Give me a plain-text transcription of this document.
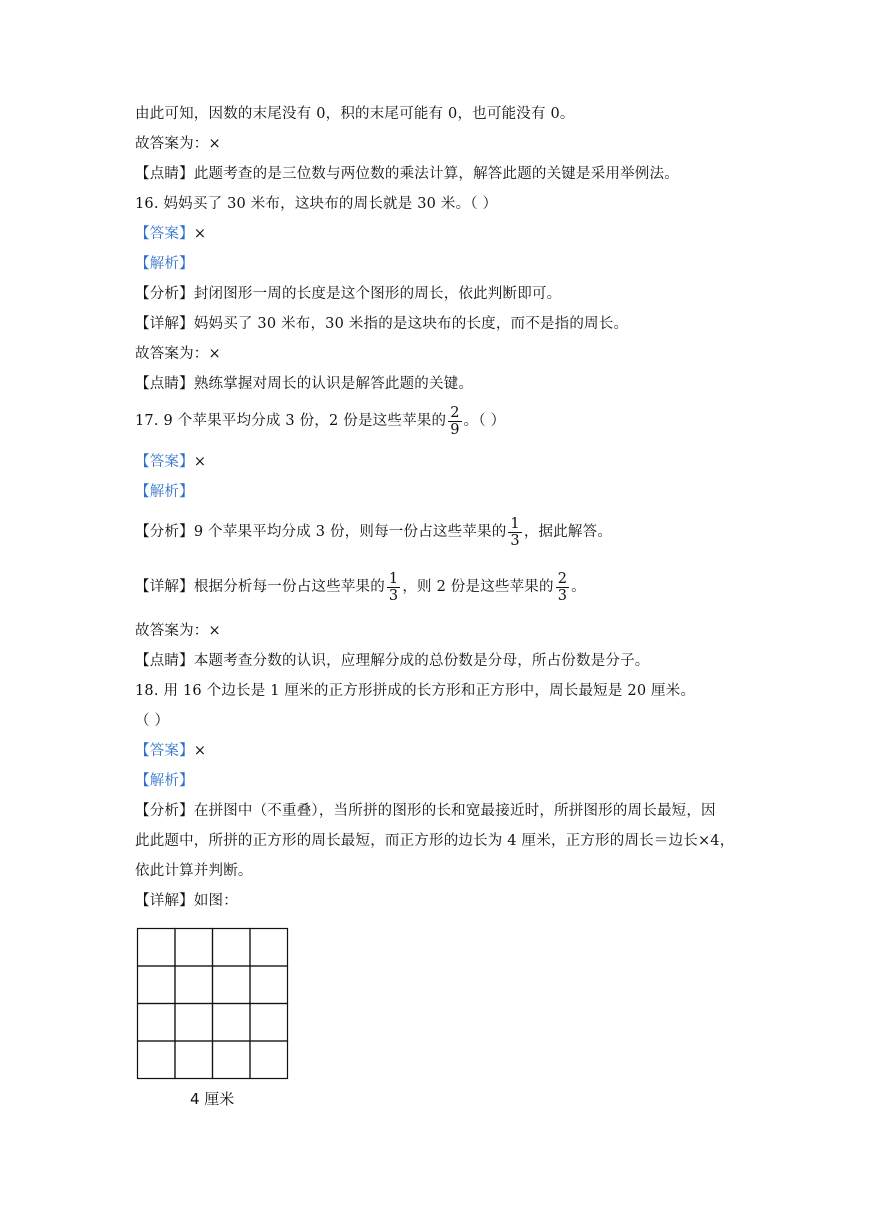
由此可知，因数的末尾没有 0，积的末尾可能有 0，也可能没有 0。
故答案为：×
【点睛】此题考查的是三位数与两位数的乘法计算，解答此题的关键是采用举例法。
16. 妈妈买了 30 米布，这块布的周长就是 30 米。（ ）
【答案】×
【解析】
【分析】封闭图形一周的长度是这个图形的周长，依此判断即可。
【详解】妈妈买了 30 米布，30 米指的是这块布的长度，而不是指的周长。
故答案为：×
【点睛】熟练掌握对周长的认识是解答此题的关键。
17. 9 个苹果平均分成 3 份，2 份是这些苹果的 $\frac{2}{9}$ 。（ ）
【答案】×
【解析】
【分析】9 个苹果平均分成 3 份，则每一份占这些苹果的 $\frac{1}{3}$ ，据此解答。
【详解】根据分析每一份占这些苹果的 $\frac{1}{3}$ ，则 2 份是这些苹果的 $\frac{2}{3}$ 。
故答案为：×
【点睛】本题考查分数的认识，应理解分成的总份数是分母，所占份数是分子。
18. 用 16 个边长是 1 厘米的正方形拼成的长方形和正方形中，周长最短是 20 厘米。
（ ）
【答案】×
【解析】
【分析】在拼图中（不重叠），当所拼的图形的长和宽最接近时，所拼图形的周长最短，因
此此题中，所拼的正方形的周长最短，而正方形的边长为 4 厘米，正方形的周长＝边长×4，
依此计算并判断。
【详解】如图：
4 厘米
